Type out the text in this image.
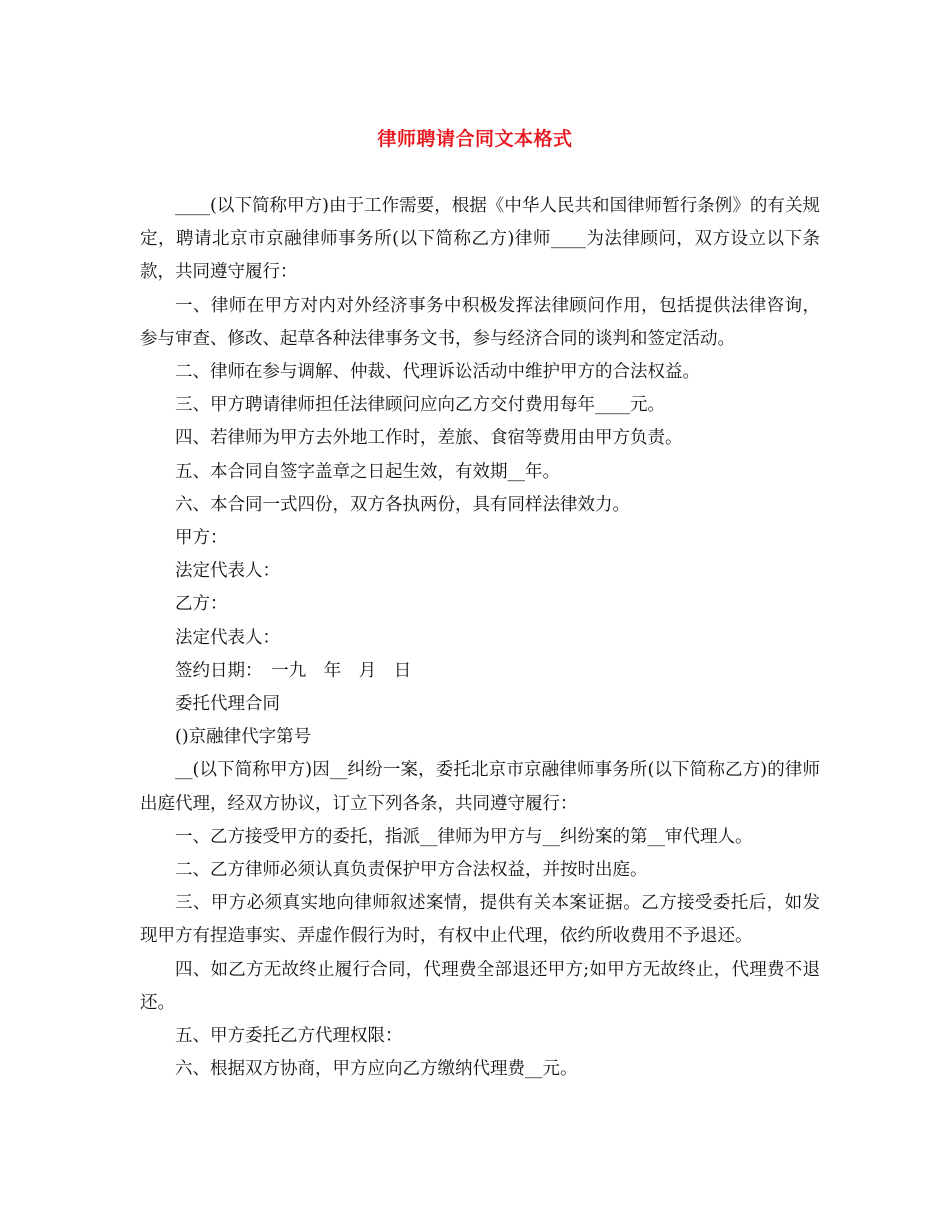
律师聘请合同文本格式

____(以下简称甲方)由于工作需要，根据《中华人民共和国律师暂行条例》的有关规定，聘请北京市京融律师事务所(以下简称乙方)律师____为法律顾问，双方设立以下条款，共同遵守履行：

一、律师在甲方对内对外经济事务中积极发挥法律顾问作用，包括提供法律咨询，参与审查、修改、起草各种法律事务文书，参与经济合同的谈判和签定活动。

二、律师在参与调解、仲裁、代理诉讼活动中维护甲方的合法权益。

三、甲方聘请律师担任法律顾问应向乙方交付费用每年____元。

四、若律师为甲方去外地工作时，差旅、食宿等费用由甲方负责。

五、本合同自签字盖章之日起生效，有效期__年。

六、本合同一式四份，双方各执两份，具有同样法律效力。

甲方：

法定代表人：

乙方：

法定代表人：

签约日期：　一九　年　月　日

委托代理合同

()京融律代字第号

__(以下简称甲方)因__纠纷一案，委托北京市京融律师事务所(以下简称乙方)的律师出庭代理，经双方协议，订立下列各条，共同遵守履行：

一、乙方接受甲方的委托，指派__律师为甲方与__纠纷案的第__审代理人。

二、乙方律师必须认真负责保护甲方合法权益，并按时出庭。

三、甲方必须真实地向律师叙述案情，提供有关本案证据。乙方接受委托后，如发现甲方有捏造事实、弄虚作假行为时，有权中止代理，依约所收费用不予退还。

四、如乙方无故终止履行合同，代理费全部退还甲方;如甲方无故终止，代理费不退还。

五、甲方委托乙方代理权限：

六、根据双方协商，甲方应向乙方缴纳代理费__元。
